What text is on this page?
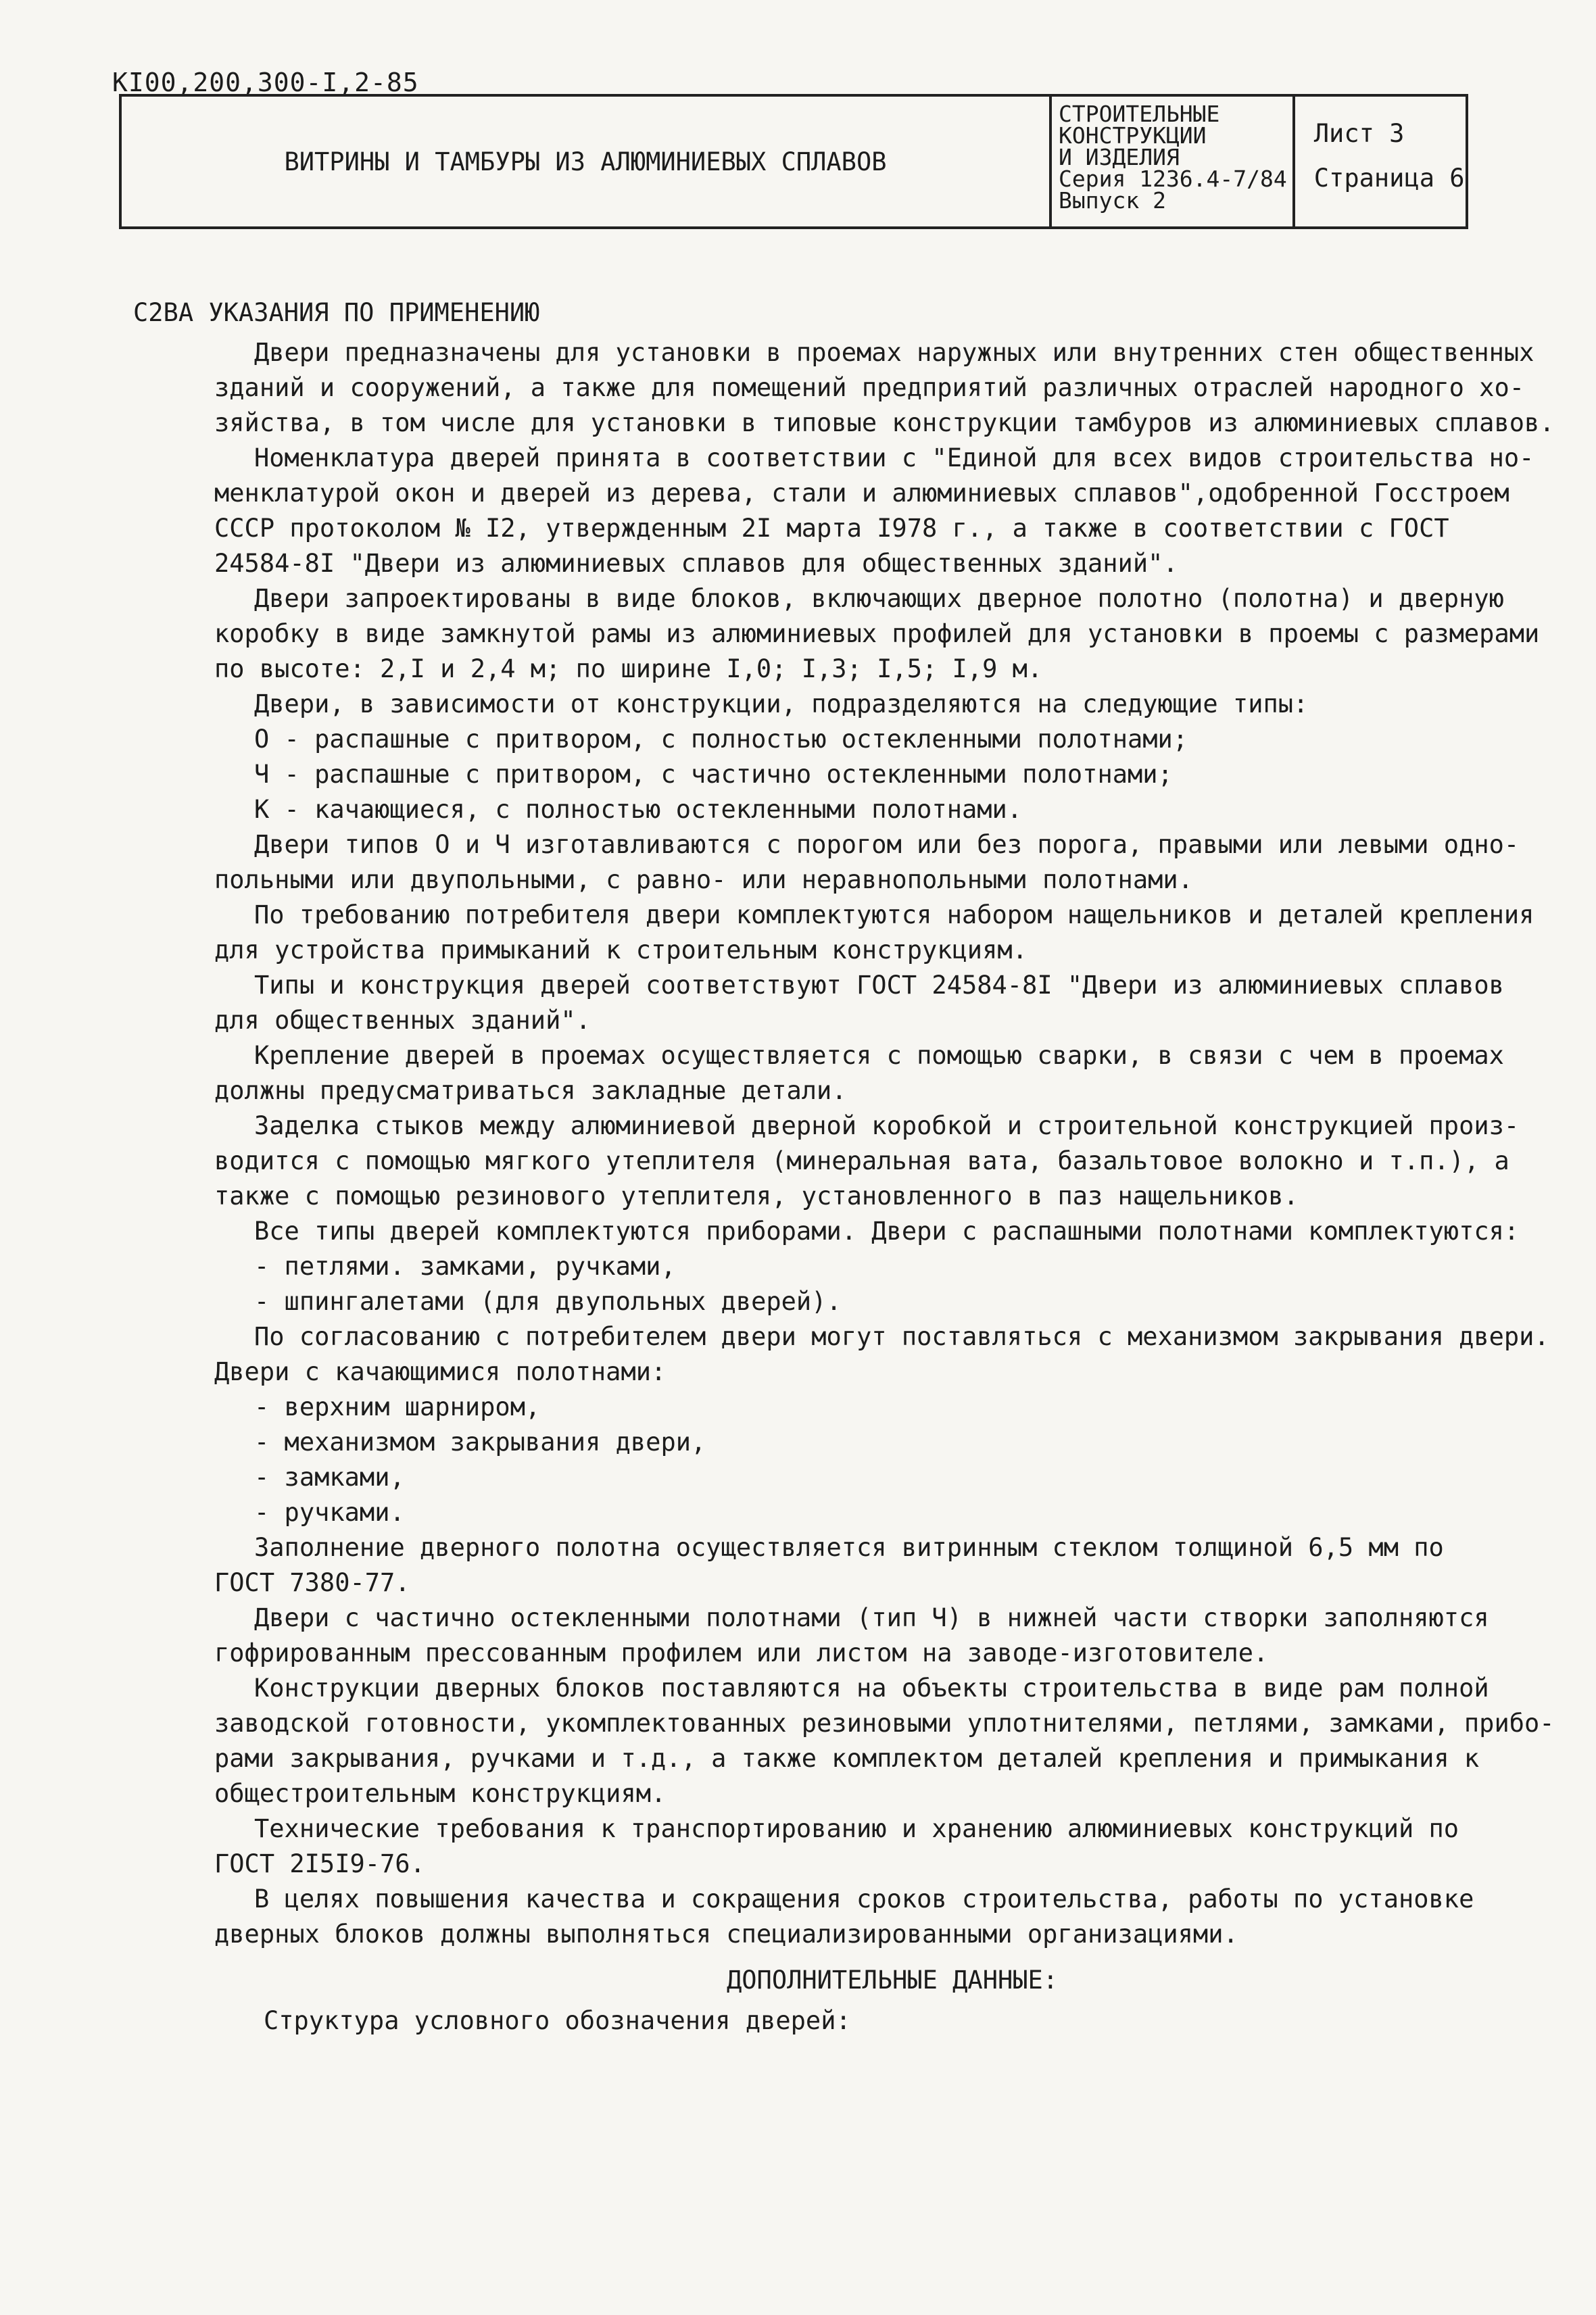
КI00,200,300-I,2-85
ВИТРИНЫ И ТАМБУРЫ ИЗ АЛЮМИНИЕВЫХ СПЛАВОВ
СТРОИТЕЛЬНЫЕ
КОНСТРУКЦИИ
И ИЗДЕЛИЯ
Серия 1236.4-7/84
Выпуск 2
Лист 3
Страница 6
С2ВА УКАЗАНИЯ ПО ПРИМЕНЕНИЮ
Двери предназначены для установки в проемах наружных или внутренних стен общественных
зданий и сооружений, а также для помещений предприятий различных отраслей народного хо-
зяйства, в том числе для установки в типовые конструкции тамбуров из алюминиевых сплавов.
Номенклатура дверей принята в соответствии с "Единой для всех видов строительства но-
менклатурой окон и дверей из дерева, стали и алюминиевых сплавов",одобренной Госстроем
СССР протоколом № I2, утвержденным 2I марта I978 г., а также в соответствии с ГОСТ
24584-8I "Двери из алюминиевых сплавов для общественных зданий".
Двери запроектированы в виде блоков, включающих дверное полотно (полотна) и дверную
коробку в виде замкнутой рамы из алюминиевых профилей для установки в проемы с размерами
по высоте: 2,I и 2,4 м; по ширине I,0; I,3; I,5; I,9 м.
Двери, в зависимости от конструкции, подразделяются на следующие типы:
О - распашные с притвором, с полностью остекленными полотнами;
Ч - распашные с притвором, с частично остекленными полотнами;
К - качающиеся, с полностью остекленными полотнами.
Двери типов О и Ч изготавливаются с порогом или без порога, правыми или левыми одно-
польными или двупольными, с равно- или неравнопольными полотнами.
По требованию потребителя двери комплектуются набором нащельников и деталей крепления
для устройства примыканий к строительным конструкциям.
Типы и конструкция дверей соответствуют ГОСТ 24584-8I "Двери из алюминиевых сплавов
для общественных зданий".
Крепление дверей в проемах осуществляется с помощью сварки, в связи с чем в проемах
должны предусматриваться закладные детали.
Заделка стыков между алюминиевой дверной коробкой и строительной конструкцией произ-
водится с помощью мягкого утеплителя (минеральная вата, базальтовое волокно и т.п.), а
также с помощью резинового утеплителя, установленного в паз нащельников.
Все типы дверей комплектуются приборами. Двери с распашными полотнами комплектуются:
- петлями. замками, ручками,
- шпингалетами (для двупольных дверей).
По согласованию с потребителем двери могут поставляться с механизмом закрывания двери.
Двери с качающимися полотнами:
- верхним шарниром,
- механизмом закрывания двери,
- замками,
- ручками.
Заполнение дверного полотна осуществляется витринным стеклом толщиной 6,5 мм по
ГОСТ 7380-77.
Двери с частично остекленными полотнами (тип Ч) в нижней части створки заполняются
гофрированным прессованным профилем или листом на заводе-изготовителе.
Конструкции дверных блоков поставляются на объекты строительства в виде рам полной
заводской готовности, укомплектованных резиновыми уплотнителями, петлями, замками, прибо-
рами закрывания, ручками и т.д., а также комплектом деталей крепления и примыкания к
общестроительным конструкциям.
Технические требования к транспортированию и хранению алюминиевых конструкций по
ГОСТ 2I5I9-76.
В целях повышения качества и сокращения сроков строительства, работы по установке
дверных блоков должны выполняться специализированными организациями.
ДОПОЛНИТЕЛЬНЫЕ ДАННЫЕ:
Структура условного обозначения дверей:
